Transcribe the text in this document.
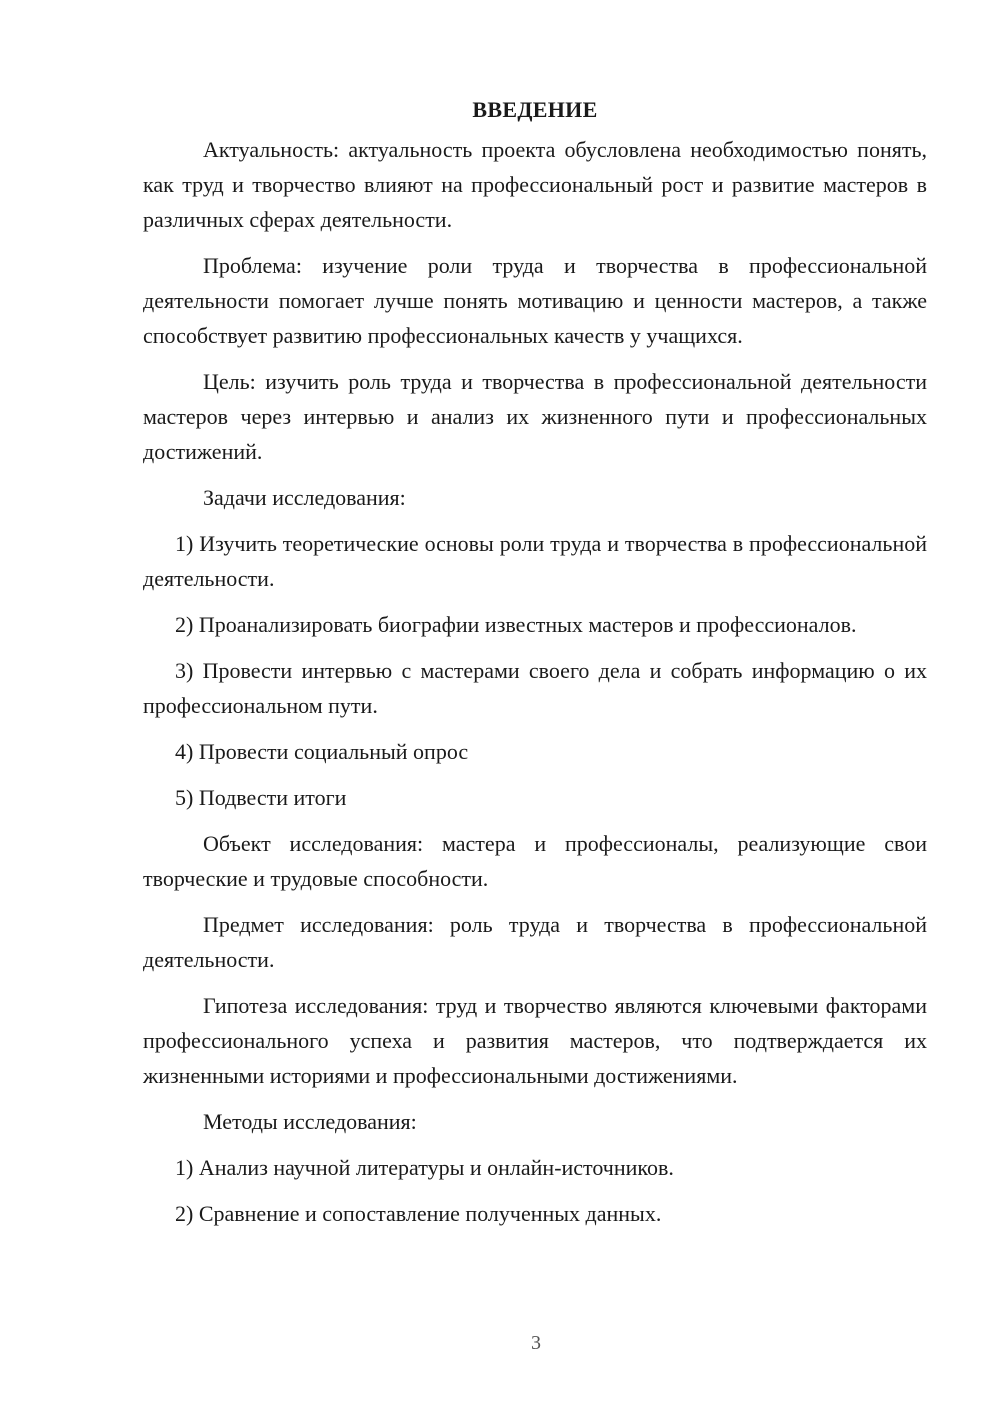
ВВЕДЕНИЕ

Актуальность: актуальность проекта обусловлена необходимостью понять, как труд и творчество влияют на профессиональный рост и развитие мастеров в различных сферах деятельности.

Проблема: изучение роли труда и творчества в профессиональной деятельности помогает лучше понять мотивацию и ценности мастеров, а также способствует развитию профессиональных качеств у учащихся.

Цель: изучить роль труда и творчества в профессиональной деятельности мастеров через интервью и анализ их жизненного пути и профессиональных достижений.

Задачи исследования:

1) Изучить теоретические основы роли труда и творчества в профессиональной деятельности.

2) Проанализировать биографии известных мастеров и профессионалов.

3) Провести интервью с мастерами своего дела и собрать информацию о их профессиональном пути.

4) Провести социальный опрос

5) Подвести итоги

Объект исследования: мастера и профессионалы, реализующие свои творческие и трудовые способности.

Предмет исследования: роль труда и творчества в профессиональной деятельности.

Гипотеза исследования: труд и творчество являются ключевыми факторами профессионального успеха и развития мастеров, что подтверждается их жизненными историями и профессиональными достижениями.

Методы исследования:

1) Анализ научной литературы и онлайн-источников.

2) Сравнение и сопоставление полученных данных.

3
